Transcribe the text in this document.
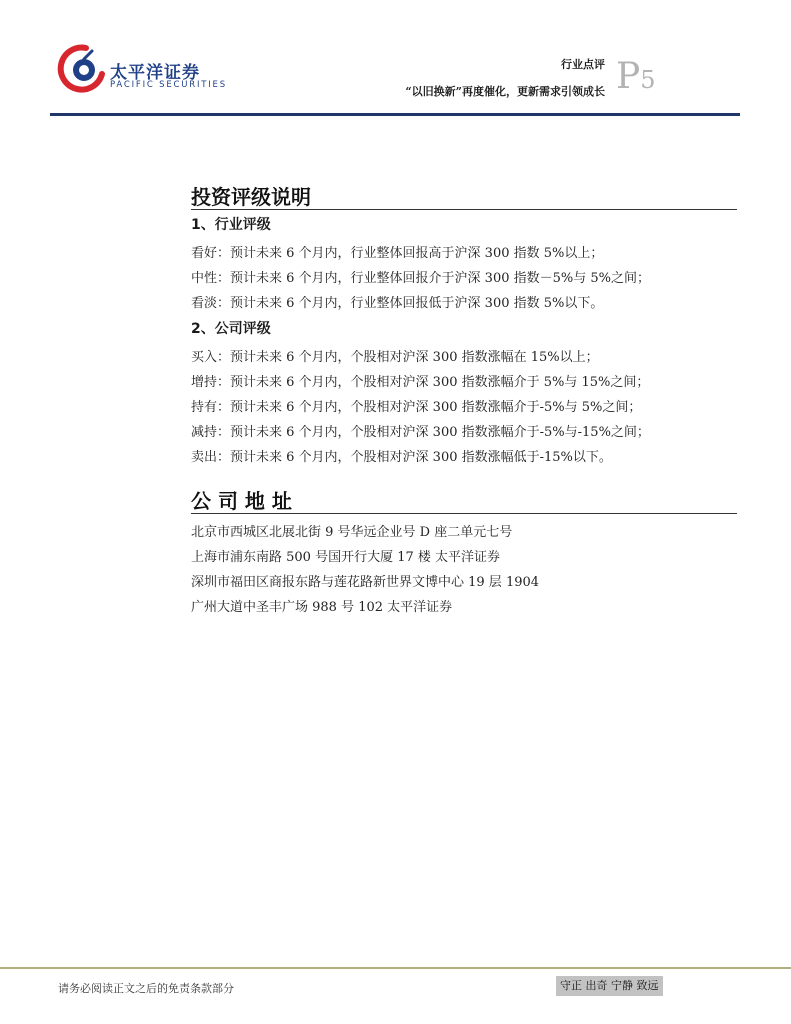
太平洋证券
PACIFIC SECURITIES
行业点评
“以旧换新”再度催化，更新需求引领成长 P5
投资评级说明
1、行业评级
看好：预计未来 6 个月内，行业整体回报高于沪深 300 指数 5%以上；
中性：预计未来 6 个月内，行业整体回报介于沪深 300 指数－5%与 5%之间；
看淡：预计未来 6 个月内，行业整体回报低于沪深 300 指数 5%以下。
2、公司评级
买入：预计未来 6 个月内，个股相对沪深 300 指数涨幅在 15%以上；
增持：预计未来 6 个月内，个股相对沪深 300 指数涨幅介于 5%与 15%之间；
持有：预计未来 6 个月内，个股相对沪深 300 指数涨幅介于-5%与 5%之间；
减持：预计未来 6 个月内，个股相对沪深 300 指数涨幅介于-5%与-15%之间；
卖出：预计未来 6 个月内，个股相对沪深 300 指数涨幅低于-15%以下。
公 司 地 址
北京市西城区北展北街 9 号华远企业号 D 座二单元七号
上海市浦东南路 500 号国开行大厦 17 楼 太平洋证券
深圳市福田区商报东路与莲花路新世界文博中心 19 层 1904
广州大道中圣丰广场 988 号 102 太平洋证券
请务必阅读正文之后的免责条款部分	守正 出奇 宁静 致远
